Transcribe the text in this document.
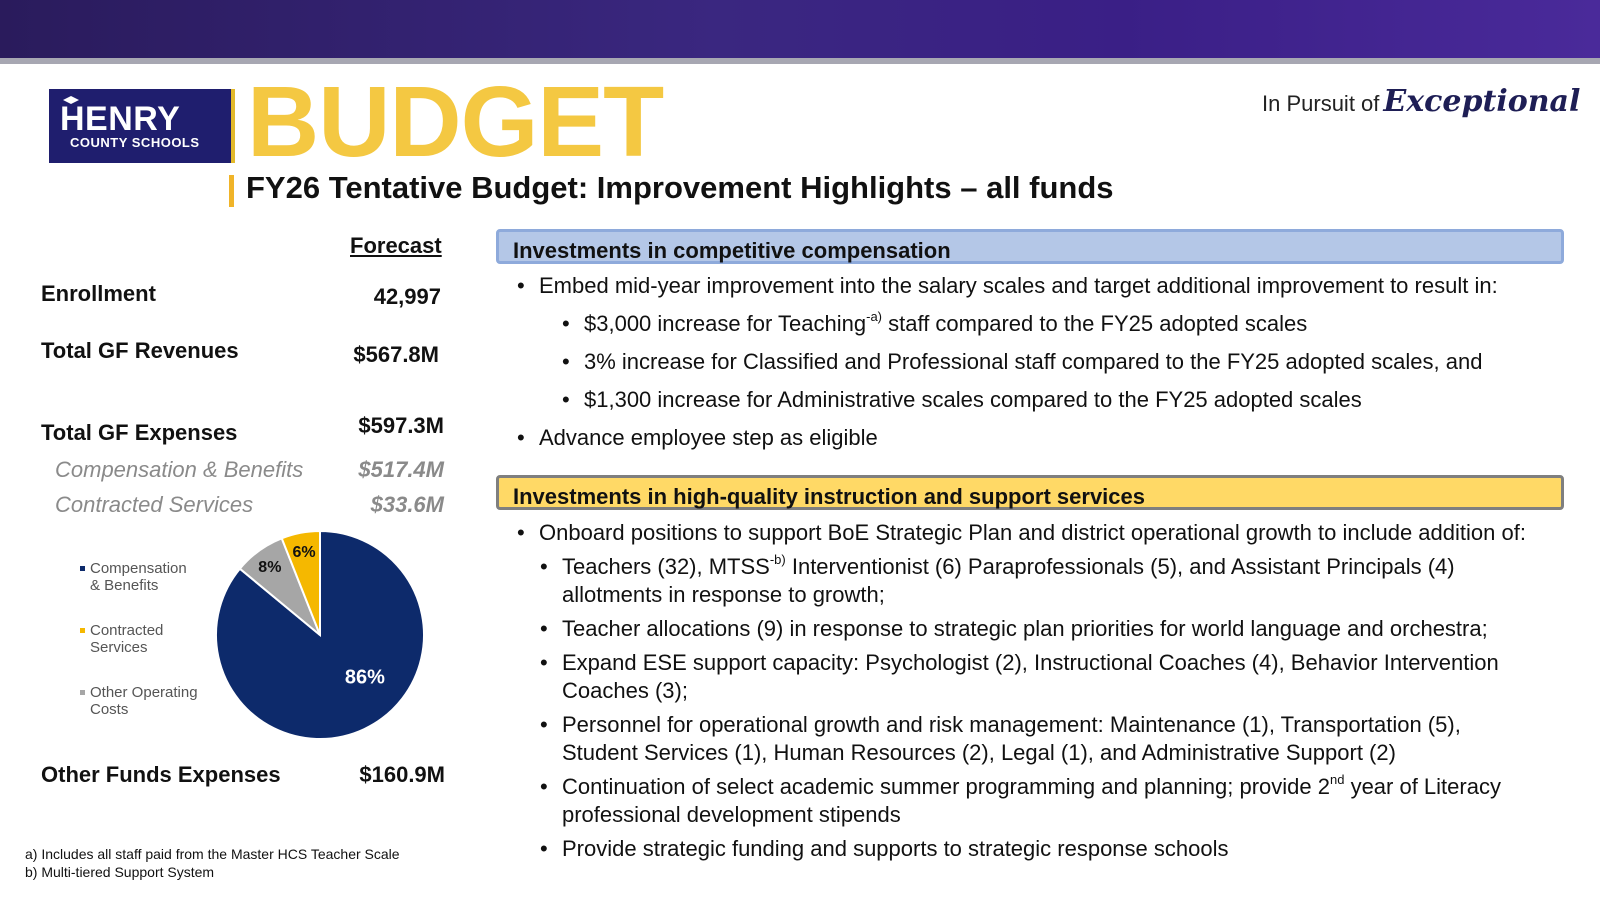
HENRY
COUNTY SCHOOLS BUDGET	In Pursuit of Exceptional
FY26 Tentative Budget: Improvement Highlights – all funds
Forecast
Enrollment	42,997
Total GF Revenues	$567.8M
Total GF Expenses	$597.3M
Compensation & Benefits	$517.4M
Contracted Services	$33.6M
86%
8%
6%
Compensation & Benefits
Contracted Services
Other Operating Costs
Other Funds Expenses	$160.9M
Investments in competitive compensation
• Embed mid-year improvement into the salary scales and target additional improvement to result in:
• $3,000 increase for Teaching$^{-a)}$ staff compared to the FY25 adopted scales
• 3% increase for Classified and Professional staff compared to the FY25 adopted scales, and
• $1,300 increase for Administrative scales compared to the FY25 adopted scales
• Advance employee step as eligible
Investments in high-quality instruction and support services
• Onboard positions to support BoE Strategic Plan and district operational growth to include addition of:
• Teachers (32), $MTSS^{-b)}$ Interventionist (6) Paraprofessionals (5), and Assistant Principals (4)
allotments in response to growth;
• Teacher allocations (9) in response to strategic plan priorities for world language and orchestra;
• Expand ESE support capacity: Psychologist (2), Instructional Coaches (4), Behavior Intervention
Coaches (3);
• Personnel for operational growth and risk management: Maintenance (1), Transportation (5),
Student Services (1), Human Resources (2), Legal (1), and Administrative Support (2)
• Continuation of select academic summer programming and planning; provide 2nd year of Literacy
professional development stipends
• Provide strategic funding and supports to strategic response schools
a) Includes all staff paid from the Master HCS Teacher Scale
b) Multi-tiered Support System
